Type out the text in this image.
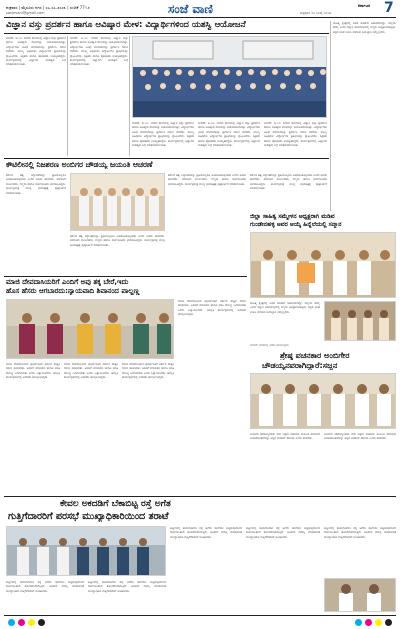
ಶುಕ್ರವಾರ | ಮೈಸೂರು ನಗರ | ೦೭.೦೭.೨೦೨೩ | ಸಂಚಿಕೆ 77৭೨
sanjevani@gmail.com	ಸಂಜೆ ವಾಣಿ	ಕರ್ನಾಟಕ 7
ಶುಕ್ರವಾರ ೦೭ ಜುಲೈ ೨೦೨೩
ವಿಜ್ಞಾನ ವಸ್ತು ಪ್ರದರ್ಶನ ಹಾಗೂ ಆವಿಷ್ಕಾರ ಮೇಳ: ವಿದ್ಯಾರ್ಥಿಗಳಿಂದ ಯಶಸ್ವಿ ಆಯೋಜನೆ
ಬೀದರ್, ಜ.೦೭: ನಗರದ ಶಾಲೆಯಲ್ಲಿ ವಿಜ್ಞಾನ ವಸ್ತು ಪ್ರದರ್ಶನ ಹಾಗೂ ಆವಿಷ್ಕಾರ ಮೇಳವನ್ನು ಆಯೋಜಿಸಲಾಗಿತ್ತು. ವಿದ್ಯಾರ್ಥಿಗಳು ವಿವಿಧ ಮಾದರಿಗಳನ್ನು ಪ್ರದರ್ಶಿಸಿ ಗಮನ ಸೆಳೆದರು. ಮುಖ್ಯ ಅತಿಥಿಗಳು ವಿದ್ಯಾರ್ಥಿಗಳ ಪ್ರತಿಭೆಯನ್ನು ಶ್ಲಾಘಿಸಿದರು. ಶಿಕ್ಷಕರು ಹಾಗೂ ಪೋಷಕರು ಉಪಸ್ಥಿತರಿದ್ದರು. ಕಾರ್ಯಕ್ರಮದಲ್ಲಿ ವಿಜ್ಞಾನದ ಮಹತ್ವದ ಬಗ್ಗೆ ಮಾತನಾಡಲಾಯಿತು.
ಬೀದರ್, ಜ.೦೭: ನಗರದ ಶಾಲೆಯಲ್ಲಿ ವಿಜ್ಞಾನ ವಸ್ತು ಪ್ರದರ್ಶನ ಹಾಗೂ ಆವಿಷ್ಕಾರ ಮೇಳವನ್ನು ಆಯೋಜಿಸಲಾಗಿತ್ತು. ವಿದ್ಯಾರ್ಥಿಗಳು ವಿವಿಧ ಮಾದರಿಗಳನ್ನು ಪ್ರದರ್ಶಿಸಿ ಗಮನ ಸೆಳೆದರು. ಮುಖ್ಯ ಅತಿಥಿಗಳು ವಿದ್ಯಾರ್ಥಿಗಳ ಪ್ರತಿಭೆಯನ್ನು ಶ್ಲಾಘಿಸಿದರು. ಶಿಕ್ಷಕರು ಹಾಗೂ ಪೋಷಕರು ಉಪಸ್ಥಿತರಿದ್ದರು. ಕಾರ್ಯಕ್ರಮದಲ್ಲಿ ವಿಜ್ಞಾನದ ಮಹತ್ವದ ಬಗ್ಗೆ ಮಾತನಾಡಲಾಯಿತು.
ಬೀದರ್, ಜ.೦೭: ನಗರದ ಶಾಲೆಯಲ್ಲಿ ವಿಜ್ಞಾನ ವಸ್ತು ಪ್ರದರ್ಶನ ಹಾಗೂ ಆವಿಷ್ಕಾರ ಮೇಳವನ್ನು ಆಯೋಜಿಸಲಾಗಿತ್ತು. ವಿದ್ಯಾರ್ಥಿಗಳು ವಿವಿಧ ಮಾದರಿಗಳನ್ನು ಪ್ರದರ್ಶಿಸಿ ಗಮನ ಸೆಳೆದರು. ಮುಖ್ಯ ಅತಿಥಿಗಳು ವಿದ್ಯಾರ್ಥಿಗಳ ಪ್ರತಿಭೆಯನ್ನು ಶ್ಲಾಘಿಸಿದರು. ಶಿಕ್ಷಕರು ಹಾಗೂ ಪೋಷಕರು ಉಪಸ್ಥಿತರಿದ್ದರು. ಕಾರ್ಯಕ್ರಮದಲ್ಲಿ ವಿಜ್ಞಾನದ ಮಹತ್ವದ ಬಗ್ಗೆ ಮಾತನಾಡಲಾಯಿತು.
ಬೀದರ್, ಜ.೦೭: ನಗರದ ಶಾಲೆಯಲ್ಲಿ ವಿಜ್ಞಾನ ವಸ್ತು ಪ್ರದರ್ಶನ ಹಾಗೂ ಆವಿಷ್ಕಾರ ಮೇಳವನ್ನು ಆಯೋಜಿಸಲಾಗಿತ್ತು. ವಿದ್ಯಾರ್ಥಿಗಳು ವಿವಿಧ ಮಾದರಿಗಳನ್ನು ಪ್ರದರ್ಶಿಸಿ ಗಮನ ಸೆಳೆದರು. ಮುಖ್ಯ ಅತಿಥಿಗಳು ವಿದ್ಯಾರ್ಥಿಗಳ ಪ್ರತಿಭೆಯನ್ನು ಶ್ಲಾಘಿಸಿದರು. ಶಿಕ್ಷಕರು ಹಾಗೂ ಪೋಷಕರು ಉಪಸ್ಥಿತರಿದ್ದರು. ಕಾರ್ಯಕ್ರಮದಲ್ಲಿ ವಿಜ್ಞಾನದ ಮಹತ್ವದ ಬಗ್ಗೆ ಮಾತನಾಡಲಾಯಿತು.
ಬೀದರ್, ಜ.೦೭: ನಗರದ ಶಾಲೆಯಲ್ಲಿ ವಿಜ್ಞಾನ ವಸ್ತು ಪ್ರದರ್ಶನ ಹಾಗೂ ಆವಿಷ್ಕಾರ ಮೇಳವನ್ನು ಆಯೋಜಿಸಲಾಗಿತ್ತು. ವಿದ್ಯಾರ್ಥಿಗಳು ವಿವಿಧ ಮಾದರಿಗಳನ್ನು ಪ್ರದರ್ಶಿಸಿ ಗಮನ ಸೆಳೆದರು. ಮುಖ್ಯ ಅತಿಥಿಗಳು ವಿದ್ಯಾರ್ಥಿಗಳ ಪ್ರತಿಭೆಯನ್ನು ಶ್ಲಾಘಿಸಿದರು. ಶಿಕ್ಷಕರು ಹಾಗೂ ಪೋಷಕರು ಉಪಸ್ಥಿತರಿದ್ದರು. ಕಾರ್ಯಕ್ರಮದಲ್ಲಿ ವಿಜ್ಞಾನದ ಮಹತ್ವದ ಬಗ್ಗೆ ಮಾತನಾಡಲಾಯಿತು.
ಕೌಟಿಲೀನಲ್ಲಿ ನಿಜಶರಣ ಅಂಬಿಗರ ಚೌಡಯ್ಯ ಜಯಂತಿ ಆಚರಣೆ
ಶರಣರ ತತ್ವ ಸಿದ್ಧಾಂತಗಳನ್ನು ಪ್ರತಿಯೊಬ್ಬರೂ ಅಳವಡಿಸಿಕೊಳ್ಳಬೇಕು ಎಂದು ಅವರು ಹೇಳಿದರು. ಸಮಾಜದ ಮುಖಂಡರು, ಗಣ್ಯರು ಹಾಗೂ ಸಾರ್ವಜನಿಕರು ಭಾಗವಹಿಸಿದ್ದರು. ಕಾರ್ಯಕ್ರಮಕ್ಕೆ ಮುನ್ನ ಭಾವಚಿತ್ರಕ್ಕೆ ಪುಷ್ಪಾರ್ಚನೆ ಮಾಡಲಾಯಿತು.
ಶರಣರ ತತ್ವ ಸಿದ್ಧಾಂತಗಳನ್ನು ಪ್ರತಿಯೊಬ್ಬರೂ ಅಳವಡಿಸಿಕೊಳ್ಳಬೇಕು ಎಂದು ಅವರು ಹೇಳಿದರು. ಸಮಾಜದ ಮುಖಂಡರು, ಗಣ್ಯರು ಹಾಗೂ ಸಾರ್ವಜನಿಕರು ಭಾಗವಹಿಸಿದ್ದರು. ಕಾರ್ಯಕ್ರಮಕ್ಕೆ ಮುನ್ನ ಭಾವಚಿತ್ರಕ್ಕೆ ಪುಷ್ಪಾರ್ಚನೆ ಮಾಡಲಾಯಿತು.
ಶರಣರ ತತ್ವ ಸಿದ್ಧಾಂತಗಳನ್ನು ಪ್ರತಿಯೊಬ್ಬರೂ ಅಳವಡಿಸಿಕೊಳ್ಳಬೇಕು ಎಂದು ಅವರು ಹೇಳಿದರು. ಸಮಾಜದ ಮುಖಂಡರು, ಗಣ್ಯರು ಹಾಗೂ ಸಾರ್ವಜನಿಕರು ಭಾಗವಹಿಸಿದ್ದರು. ಕಾರ್ಯಕ್ರಮಕ್ಕೆ ಮುನ್ನ ಭಾವಚಿತ್ರಕ್ಕೆ ಪುಷ್ಪಾರ್ಚನೆ ಮಾಡಲಾಯಿತು.
ಶರಣರ ತತ್ವ ಸಿದ್ಧಾಂತಗಳನ್ನು ಪ್ರತಿಯೊಬ್ಬರೂ ಅಳವಡಿಸಿಕೊಳ್ಳಬೇಕು ಎಂದು ಅವರು ಹೇಳಿದರು. ಸಮಾಜದ ಮುಖಂಡರು, ಗಣ್ಯರು ಹಾಗೂ ಸಾರ್ವಜನಿಕರು ಭಾಗವಹಿಸಿದ್ದರು. ಕಾರ್ಯಕ್ರಮಕ್ಕೆ ಮುನ್ನ ಭಾವಚಿತ್ರಕ್ಕೆ ಪುಷ್ಪಾರ್ಚನೆ ಮಾಡಲಾಯಿತು.
ಸಾಹಿತ್ಯ ಕ್ಷೇತ್ರದಲ್ಲಿ ಅವರ ಕೊಡುಗೆ ಅಪಾರವಾಗಿದ್ದು, ಜಿಲ್ಲೆಯ ಹೆಮ್ಮೆ ಎಂದು ಸನ್ಮಾನ ಸಮಾರಂಭದಲ್ಲಿ ಗಣ್ಯರು ಅಭಿಪ್ರಾಯಪಟ್ಟರು. ಕನ್ನಡ ಭಾಷೆ ಉಳಿಸಿ ಬೆಳೆಸುವ ಜವಾಬ್ದಾರಿ ನಮ್ಮೆಲ್ಲರದು.
ಜಿಲ್ಲಾ ಸಾಹಿತ್ಯ ಸಮ್ಮೇಳನ ಅಧ್ಯಕ್ಷರಾಗಿ ಮಡಿವ
ಗುಂಡೇನಹಳ್ಳಿ ಅವರ ಆಯ್ಕೆ ಹಿನ್ನೆಲೆಯಲ್ಲಿ ಸನ್ಮಾನ
ಮಾಜಿ ದೇವದಾಸಿಯರಿಗೆ ಎಂದಿಗೆ ಅವು ತಕ್ಕ ಬೇರೆ,ಇದು
ಹೊಸ ಹೆಸರು ಆಗಬಾರದು:ನ್ಯಾಯವಾದಿ ಶಿವಾನಂದ ಪಾಲ್ದಣ್ಣ
ಮಾಜಿ ದೇವದಾಸಿಯರ ಪುನರ್ವಸತಿಗೆ ಸರ್ಕಾರ ಹೆಚ್ಚಿನ ಗಮನ ಹರಿಸಬೇಕು. ಅವರಿಗೆ ಮಾಸಾಶನ ಹಾಗೂ ವಸತಿ ಸೌಲಭ್ಯ ಒದಗಿಸಬೇಕು ಎಂದು ಒತ್ತಾಯಿಸಿದರು. ಜಾಗೃತಿ ಕಾರ್ಯಕ್ರಮದಲ್ಲಿ ಅನೇಕರು ಪಾಲ್ಗೊಂಡಿದ್ದರು.
ಮಾಜಿ ದೇವದಾಸಿಯರ ಪುನರ್ವಸತಿಗೆ ಸರ್ಕಾರ ಹೆಚ್ಚಿನ ಗಮನ ಹರಿಸಬೇಕು. ಅವರಿಗೆ ಮಾಸಾಶನ ಹಾಗೂ ವಸತಿ ಸೌಲಭ್ಯ ಒದಗಿಸಬೇಕು ಎಂದು ಒತ್ತಾಯಿಸಿದರು. ಜಾಗೃತಿ ಕಾರ್ಯಕ್ರಮದಲ್ಲಿ ಅನೇಕರು ಪಾಲ್ಗೊಂಡಿದ್ದರು.
ಮಾಜಿ ದೇವದಾಸಿಯರ ಪುನರ್ವಸತಿಗೆ ಸರ್ಕಾರ ಹೆಚ್ಚಿನ ಗಮನ ಹರಿಸಬೇಕು. ಅವರಿಗೆ ಮಾಸಾಶನ ಹಾಗೂ ವಸತಿ ಸೌಲಭ್ಯ ಒದಗಿಸಬೇಕು ಎಂದು ಒತ್ತಾಯಿಸಿದರು. ಜಾಗೃತಿ ಕಾರ್ಯಕ್ರಮದಲ್ಲಿ ಅನೇಕರು ಪಾಲ್ಗೊಂಡಿದ್ದರು.
ಮಾಜಿ ದೇವದಾಸಿಯರ ಪುನರ್ವಸತಿಗೆ ಸರ್ಕಾರ ಹೆಚ್ಚಿನ ಗಮನ ಹರಿಸಬೇಕು. ಅವರಿಗೆ ಮಾಸಾಶನ ಹಾಗೂ ವಸತಿ ಸೌಲಭ್ಯ ಒದಗಿಸಬೇಕು ಎಂದು ಒತ್ತಾಯಿಸಿದರು. ಜಾಗೃತಿ ಕಾರ್ಯಕ್ರಮದಲ್ಲಿ ಅನೇಕರು ಪಾಲ್ಗೊಂಡಿದ್ದರು.
ಸಾಹಿತ್ಯ ಕ್ಷೇತ್ರದಲ್ಲಿ ಅವರ ಕೊಡುಗೆ ಅಪಾರವಾಗಿದ್ದು, ಜಿಲ್ಲೆಯ ಹೆಮ್ಮೆ ಎಂದು ಸನ್ಮಾನ ಸಮಾರಂಭದಲ್ಲಿ ಗಣ್ಯರು ಅಭಿಪ್ರಾಯಪಟ್ಟರು. ಕನ್ನಡ ಭಾಷೆ ಉಳಿಸಿ ಬೆಳೆಸುವ ಜವಾಬ್ದಾರಿ ನಮ್ಮೆಲ್ಲರದು.
ಬೀದರ್ ನಗರದಲ್ಲಿ ನಡೆದ ಕಾರ್ಯಕ್ರಮ
ಶ್ರೇಷ್ಠ ವಚನಕಾರ ಅಂಬಿಗೇರ
ಚೌಡಯ್ಯನವರಾಗಿದ್ದಾರೆ:ಸಜ್ಜನ
ಅಂಬಿಗರ ಚೌಡಯ್ಯನವರು ನೇರ ನಿಷ್ಠುರ ವಚನಗಳ ಮೂಲಕ ಸಮಾಜದ ಅಂಕುಡೊಂಕುಗಳನ್ನು ತಿದ್ದಿದ ಮಹಾನ್ ಶರಣರು ಎಂದು ಹೇಳಿದರು.
ಅಂಬಿಗರ ಚೌಡಯ್ಯನವರು ನೇರ ನಿಷ್ಠುರ ವಚನಗಳ ಮೂಲಕ ಸಮಾಜದ ಅಂಕುಡೊಂಕುಗಳನ್ನು ತಿದ್ದಿದ ಮಹಾನ್ ಶರಣರು ಎಂದು ಹೇಳಿದರು.
ಕೇವಲ ಅಕದಡಿಗೆ ಬೆಕಾಬಿಟ್ಟ ರಸ್ತೆ ಅಗೆತ
ಗುತ್ತಿಗೆದಾರರಿಗೆ ಪರಸಭೆ ಮುಖ್ಯಾಧಿಕಾರಿಯಿಂದ ತರಾಟೆ
ಪಟ್ಟಣದಲ್ಲಿ ಕಾಮಗಾರಿಗಾಗಿ ರಸ್ತೆ ಅಗೆದು ಹಾಗೆಯೇ ಬಿಟ್ಟಿರುವುದರಿಂದ ಸಾರ್ವಜನಿಕರಿಗೆ ತೊಂದರೆಯಾಗುತ್ತಿದೆ. ಕೂಡಲೇ ದುರಸ್ತಿ ಮಾಡುವಂತೆ ಮುಖ್ಯಾಧಿಕಾರಿ ಗುತ್ತಿಗೆದಾರರಿಗೆ ಸೂಚಿಸಿದರು.
ಪಟ್ಟಣದಲ್ಲಿ ಕಾಮಗಾರಿಗಾಗಿ ರಸ್ತೆ ಅಗೆದು ಹಾಗೆಯೇ ಬಿಟ್ಟಿರುವುದರಿಂದ ಸಾರ್ವಜನಿಕರಿಗೆ ತೊಂದರೆಯಾಗುತ್ತಿದೆ. ಕೂಡಲೇ ದುರಸ್ತಿ ಮಾಡುವಂತೆ ಮುಖ್ಯಾಧಿಕಾರಿ ಗುತ್ತಿಗೆದಾರರಿಗೆ ಸೂಚಿಸಿದರು.
ಪಟ್ಟಣದಲ್ಲಿ ಕಾಮಗಾರಿಗಾಗಿ ರಸ್ತೆ ಅಗೆದು ಹಾಗೆಯೇ ಬಿಟ್ಟಿರುವುದರಿಂದ ಸಾರ್ವಜನಿಕರಿಗೆ ತೊಂದರೆಯಾಗುತ್ತಿದೆ. ಕೂಡಲೇ ದುರಸ್ತಿ ಮಾಡುವಂತೆ ಮುಖ್ಯಾಧಿಕಾರಿ ಗುತ್ತಿಗೆದಾರರಿಗೆ ಸೂಚಿಸಿದರು.
ಪಟ್ಟಣದಲ್ಲಿ ಕಾಮಗಾರಿಗಾಗಿ ರಸ್ತೆ ಅಗೆದು ಹಾಗೆಯೇ ಬಿಟ್ಟಿರುವುದರಿಂದ ಸಾರ್ವಜನಿಕರಿಗೆ ತೊಂದರೆಯಾಗುತ್ತಿದೆ. ಕೂಡಲೇ ದುರಸ್ತಿ ಮಾಡುವಂತೆ ಮುಖ್ಯಾಧಿಕಾರಿ ಗುತ್ತಿಗೆದಾರರಿಗೆ ಸೂಚಿಸಿದರು.
ಪಟ್ಟಣದಲ್ಲಿ ಕಾಮಗಾರಿಗಾಗಿ ರಸ್ತೆ ಅಗೆದು ಹಾಗೆಯೇ ಬಿಟ್ಟಿರುವುದರಿಂದ ಸಾರ್ವಜನಿಕರಿಗೆ ತೊಂದರೆಯಾಗುತ್ತಿದೆ. ಕೂಡಲೇ ದುರಸ್ತಿ ಮಾಡುವಂತೆ ಮುಖ್ಯಾಧಿಕಾರಿ ಗುತ್ತಿಗೆದಾರರಿಗೆ ಸೂಚಿಸಿದರು.
